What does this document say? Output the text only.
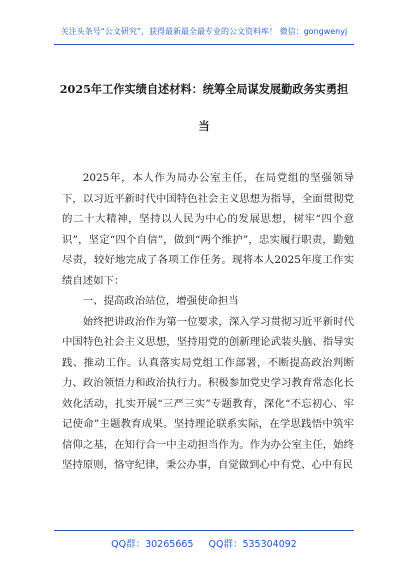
关注头条号“公文研究”，获得最新最全最专业的公文资料库！ 微信：gongwenyj
2025年工作实绩自述材料：统筹全局谋发展勤政务实勇担
当

2025年，本人作为局办公室主任，在局党组的坚强领导下，以习近平新时代中国特色社会主义思想为指导，全面贯彻党的二十大精神，坚持以人民为中心的发展思想，树牢“四个意识”，坚定“四个自信”，做到“两个维护”，忠实履行职责，勤勉尽责，较好地完成了各项工作任务。现将本人2025年度工作实绩自述如下：

一、提高政治站位，增强使命担当

始终把讲政治作为第一位要求，深入学习贯彻习近平新时代中国特色社会主义思想，坚持用党的创新理论武装头脑、指导实践、推动工作。认真落实局党组工作部署，不断提高政治判断力、政治领悟力和政治执行力。积极参加党史学习教育常态化长效化活动，扎实开展“三严三实”专题教育，深化“不忘初心、牢记使命”主题教育成果。坚持理论联系实际，在学思践悟中筑牢信仰之基，在知行合一中主动担当作为。作为办公室主任，始终坚持原则，恪守纪律，秉公办事，自觉做到心中有党、心中有民

QQ群：30265665 QQ群：535304092
